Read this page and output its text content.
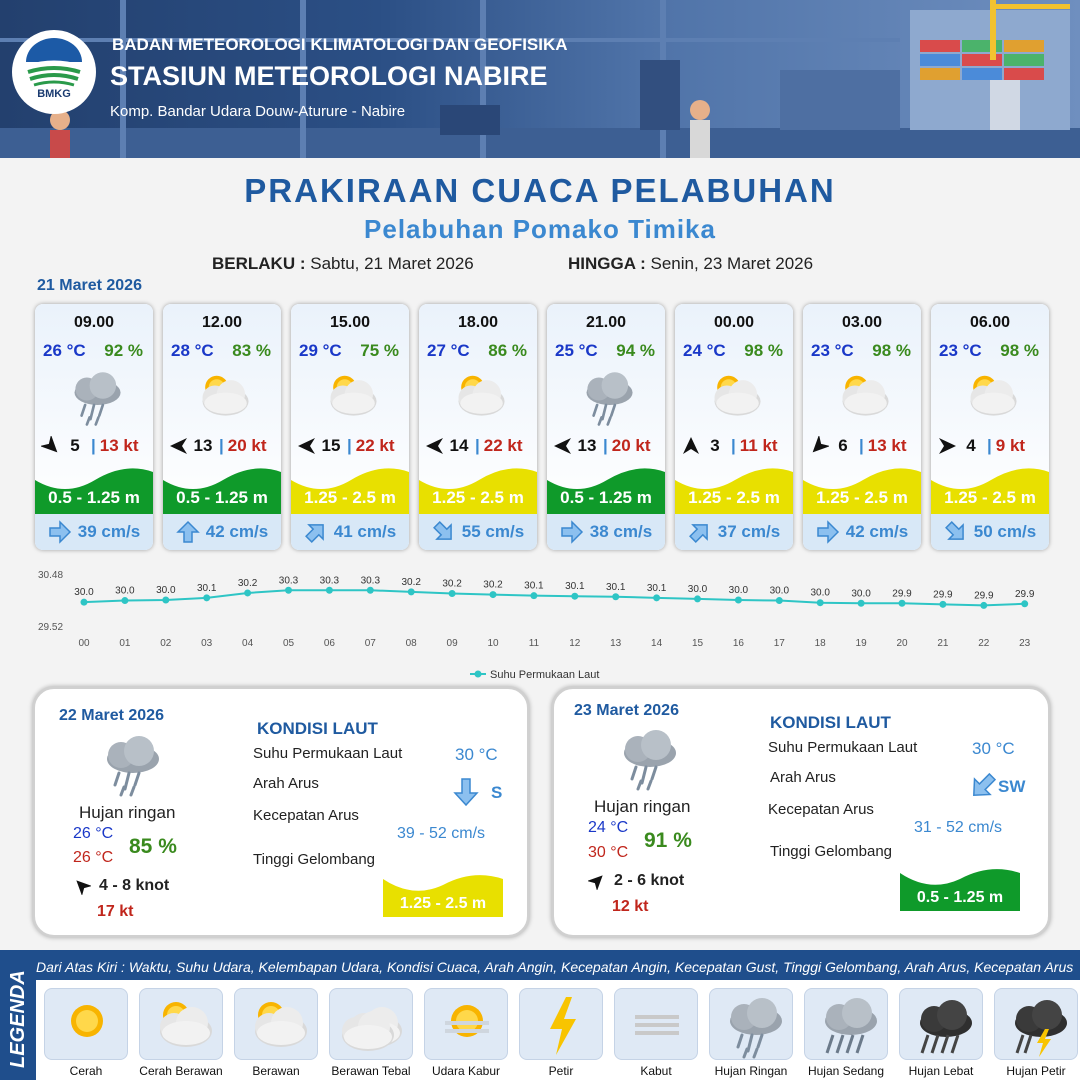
BMKG
BADAN METEOROLOGI KLIMATOLOGI DAN GEOFISIKA
STASIUN METEOROLOGI NABIRE
Komp. Bandar Udara Douw-Aturure - Nabire
PRAKIRAAN CUACA PELABUHAN
Pelabuhan Pomako Timika
BERLAKU : Sabtu, 21 Maret 2026	HINGGA : Senin, 23 Maret 2026
21 Maret 2026
09.00
26 °C 92 %
5 | 13 kt
0.5 - 1.25 m
39 cm/s
12.00
28 °C 83 %
13 | 20 kt
0.5 - 1.25 m
42 cm/s
15.00
29 °C 75 %
15 | 22 kt
1.25 - 2.5 m
41 cm/s
18.00
27 °C 86 %
14 | 22 kt
1.25 - 2.5 m
55 cm/s
21.00
25 °C 94 %
13 | 20 kt
0.5 - 1.25 m
38 cm/s
00.00
24 °C 98 %
3 | 11 kt
1.25 - 2.5 m
37 cm/s
03.00
23 °C 98 %
6 | 13 kt
1.25 - 2.5 m
42 cm/s
06.00
23 °C 98 %
4 | 9 kt
1.25 - 2.5 m
50 cm/s
30.48
29.52
30.0
00
30.0
01
30.0
02
30.1
03
30.2
04
30.3
05
30.3
06
30.3
07
30.2
08
30.2
09
30.2
10
30.1
11
30.1
12
30.1
13
30.1
14
30.0
15
30.0
16
30.0
17
30.0
18
30.0
19
29.9
20
29.9
21
29.9
22
29.9
23
Suhu Permukaan Laut
22 Maret 2026
Hujan ringan
26 °C
26 °C 85 %
4 - 8 knot
17 kt
KONDISI LAUT
Suhu Permukaan Laut	30 °C
Arah Arus	S
Kecepatan Arus
39 - 52 cm/s
Tinggi Gelombang
1.25 - 2.5 m
23 Maret 2026
Hujan ringan
24 °C
30 °C
91 %
2 - 6 knot
12 kt
KONDISI LAUT
Suhu Permukaan Laut	30 °C
Arah Arus	SW
Kecepatan Arus
31 - 52 cm/s
Tinggi Gelombang
0.5 - 1.25 m
LEGENDA
Dari Atas Kiri : Waktu, Suhu Udara, Kelembapan Udara, Kondisi Cuaca, Arah Angin, Kecepatan Angin, Kecepatan Gust, Tinggi Gelombang, Arah Arus, Kecepatan Arus
Cerah	Cerah Berawan	Berawan	Berawan Tebal	Udara Kabur	Petir	Kabut	Hujan Ringan	Hujan Sedang	Hujan Lebat	Hujan Petir
